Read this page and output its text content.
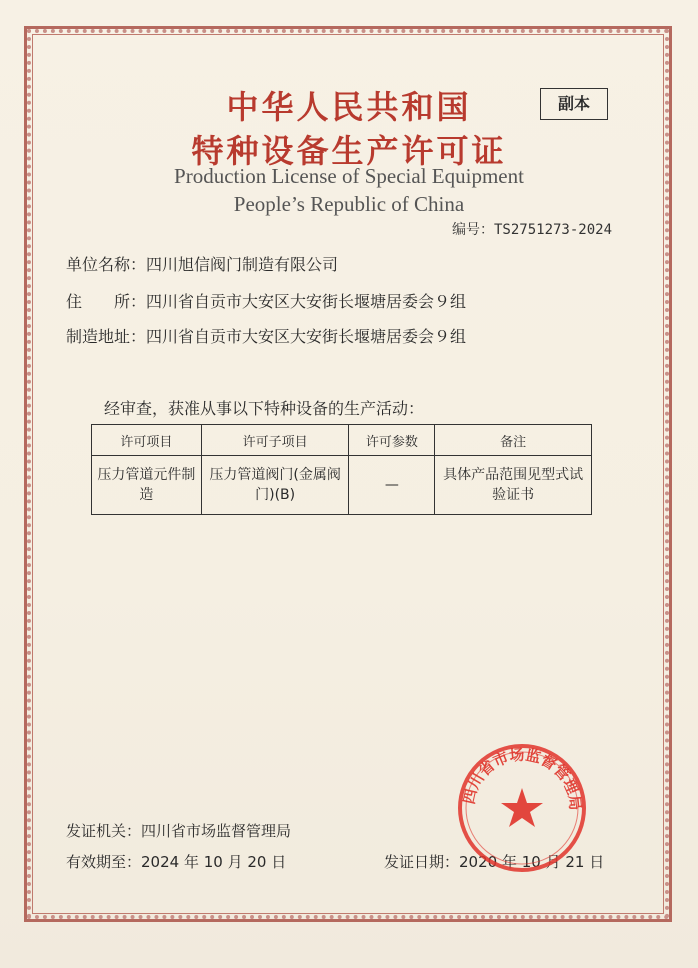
中华人民共和国
特种设备生产许可证
Production License of Special Equipment
People’s Republic of China
副本
编号：TS2751273-2024
单位名称：四川旭信阀门制造有限公司
住　　所：四川省自贡市大安区大安街长堰塘居委会９组
制造地址：四川省自贡市大安区大安街长堰塘居委会９组
经审查，获准从事以下特种设备的生产活动：
许可项目	许可子项目	许可参数	备注
压力管道元件制造	压力管道阀门(金属阀门)(B)	—	具体产品范围见型式试验证书
发证机关：四川省市场监督管理局
有效期至：2024 年 10 月 20 日	发证日期：2020 年 10 月 21 日
四川省市场监督管理局
